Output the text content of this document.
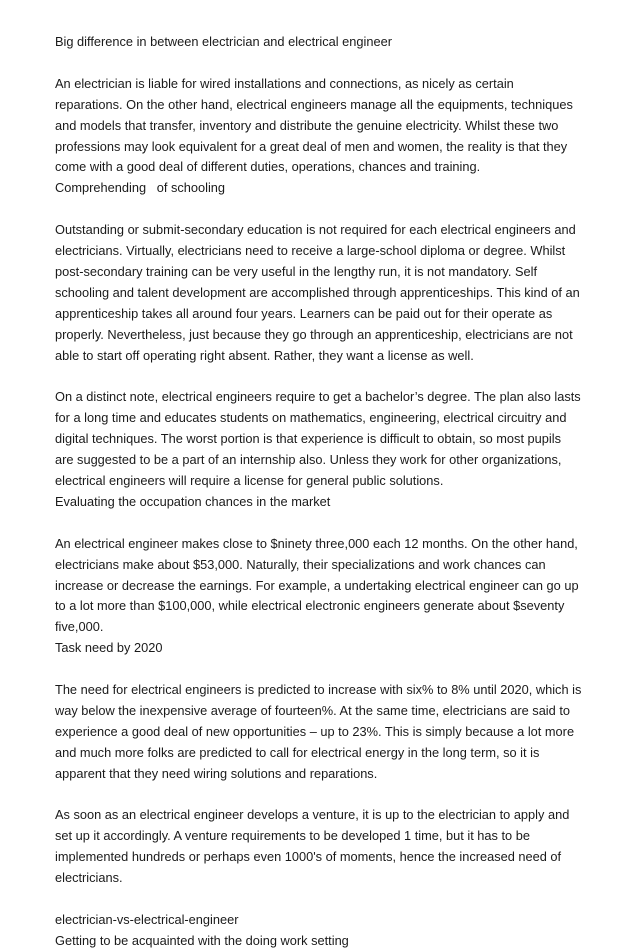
Big difference in between electrician and electrical engineer
An electrician is liable for wired installations and connections, as nicely as certain
reparations. On the other hand, electrical engineers manage all the equipments, techniques
and models that transfer, inventory and distribute the genuine electricity. Whilst these two
professions may look equivalent for a great deal of men and women, the reality is that they
come with a good deal of different duties, operations, chances and training.
Comprehending   of schooling
Outstanding or submit-secondary education is not required for each electrical engineers and
electricians. Virtually, electricians need to receive a large-school diploma or degree. Whilst
post-secondary training can be very useful in the lengthy run, it is not mandatory. Self
schooling and talent development are accomplished through apprenticeships. This kind of an
apprenticeship takes all around four years. Learners can be paid out for their operate as
properly. Nevertheless, just because they go through an apprenticeship, electricians are not
able to start off operating right absent. Rather, they want a license as well.
On a distinct note, electrical engineers require to get a bachelor’s degree. The plan also lasts
for a long time and educates students on mathematics, engineering, electrical circuitry and
digital techniques. The worst portion is that experience is difficult to obtain, so most pupils
are suggested to be a part of an internship also. Unless they work for other organizations,
electrical engineers will require a license for general public solutions.
Evaluating the occupation chances in the market
An electrical engineer makes close to $ninety three,000 each 12 months. On the other hand,
electricians make about $53,000. Naturally, their specializations and work chances can
increase or decrease the earnings. For example, a undertaking electrical engineer can go up
to a lot more than $100,000, while electrical electronic engineers generate about $seventy
five,000.
Task need by 2020
The need for electrical engineers is predicted to increase with six% to 8% until 2020, which is
way below the inexpensive average of fourteen%. At the same time, electricians are said to
experience a good deal of new opportunities – up to 23%. This is simply because a lot more
and much more folks are predicted to call for electrical energy in the long term, so it is
apparent that they need wiring solutions and reparations.
As soon as an electrical engineer develops a venture, it is up to the electrician to apply and
set up it accordingly. A venture requirements to be developed 1 time, but it has to be
implemented hundreds or perhaps even 1000's of moments, hence the increased need of
electricians.
electrician-vs-electrical-engineer
Getting to be acquainted with the doing work setting
